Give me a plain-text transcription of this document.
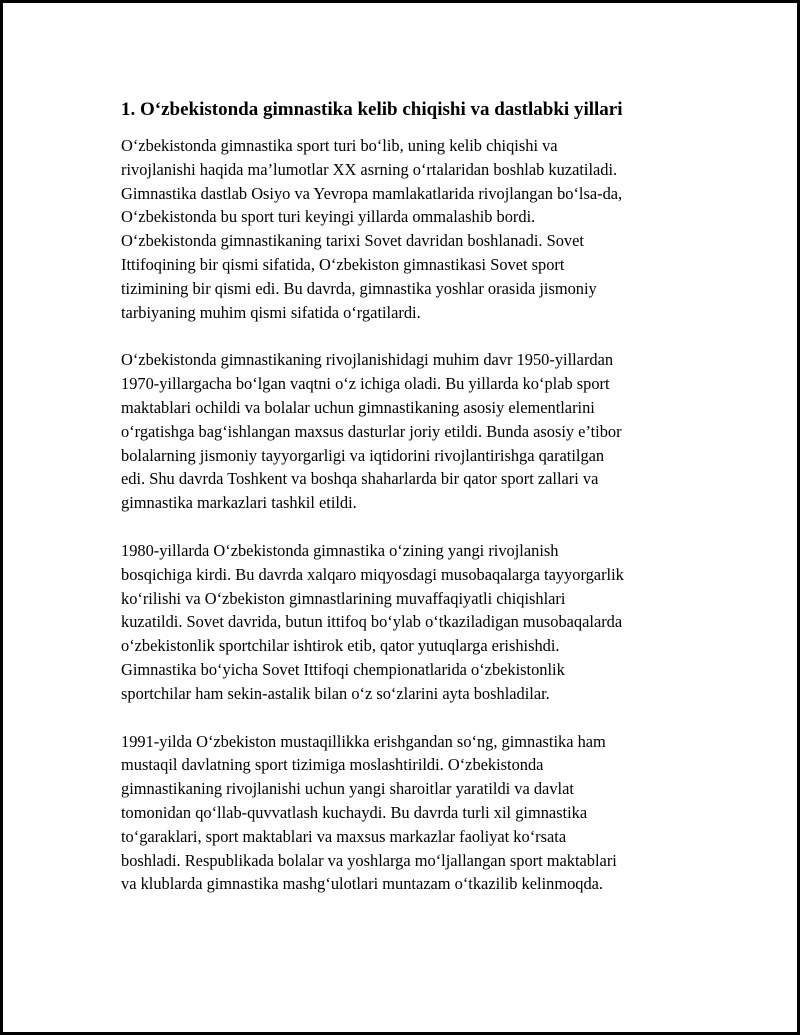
1. O‘zbekistonda gimnastika kelib chiqishi va dastlabki yillari

O‘zbekistonda gimnastika sport turi bo‘lib, uning kelib chiqishi va
rivojlanishi haqida ma’lumotlar XX asrning o‘rtalaridan boshlab kuzatiladi.
Gimnastika dastlab Osiyo va Yevropa mamlakatlarida rivojlangan bo‘lsa-da,
O‘zbekistonda bu sport turi keyingi yillarda ommalashib bordi.
O‘zbekistonda gimnastikaning tarixi Sovet davridan boshlanadi. Sovet
Ittifoqining bir qismi sifatida, O‘zbekiston gimnastikasi Sovet sport
tizimining bir qismi edi. Bu davrda, gimnastika yoshlar orasida jismoniy
tarbiyaning muhim qismi sifatida o‘rgatilardi.

O‘zbekistonda gimnastikaning rivojlanishidagi muhim davr 1950-yillardan
1970-yillargacha bo‘lgan vaqtni o‘z ichiga oladi. Bu yillarda ko‘plab sport
maktablari ochildi va bolalar uchun gimnastikaning asosiy elementlarini
o‘rgatishga bag‘ishlangan maxsus dasturlar joriy etildi. Bunda asosiy e’tibor
bolalarning jismoniy tayyorgarligi va iqtidorini rivojlantirishga qaratilgan
edi. Shu davrda Toshkent va boshqa shaharlarda bir qator sport zallari va
gimnastika markazlari tashkil etildi.

1980-yillarda O‘zbekistonda gimnastika o‘zining yangi rivojlanish
bosqichiga kirdi. Bu davrda xalqaro miqyosdagi musobaqalarga tayyorgarlik
ko‘rilishi va O‘zbekiston gimnastlarining muvaffaqiyatli chiqishlari
kuzatildi. Sovet davrida, butun ittifoq bo‘ylab o‘tkaziladigan musobaqalarda
o‘zbekistonlik sportchilar ishtirok etib, qator yutuqlarga erishishdi.
Gimnastika bo‘yicha Sovet Ittifoqi chempionatlarida o‘zbekistonlik
sportchilar ham sekin-astalik bilan o‘z so‘zlarini ayta boshladilar.

1991-yilda O‘zbekiston mustaqillikka erishgandan so‘ng, gimnastika ham
mustaqil davlatning sport tizimiga moslashtirildi. O‘zbekistonda
gimnastikaning rivojlanishi uchun yangi sharoitlar yaratildi va davlat
tomonidan qo‘llab-quvvatlash kuchaydi. Bu davrda turli xil gimnastika
to‘garaklari, sport maktablari va maxsus markazlar faoliyat ko‘rsata
boshladi. Respublikada bolalar va yoshlarga mo‘ljallangan sport maktablari
va klublarda gimnastika mashg‘ulotlari muntazam o‘tkazilib kelinmoqda.
